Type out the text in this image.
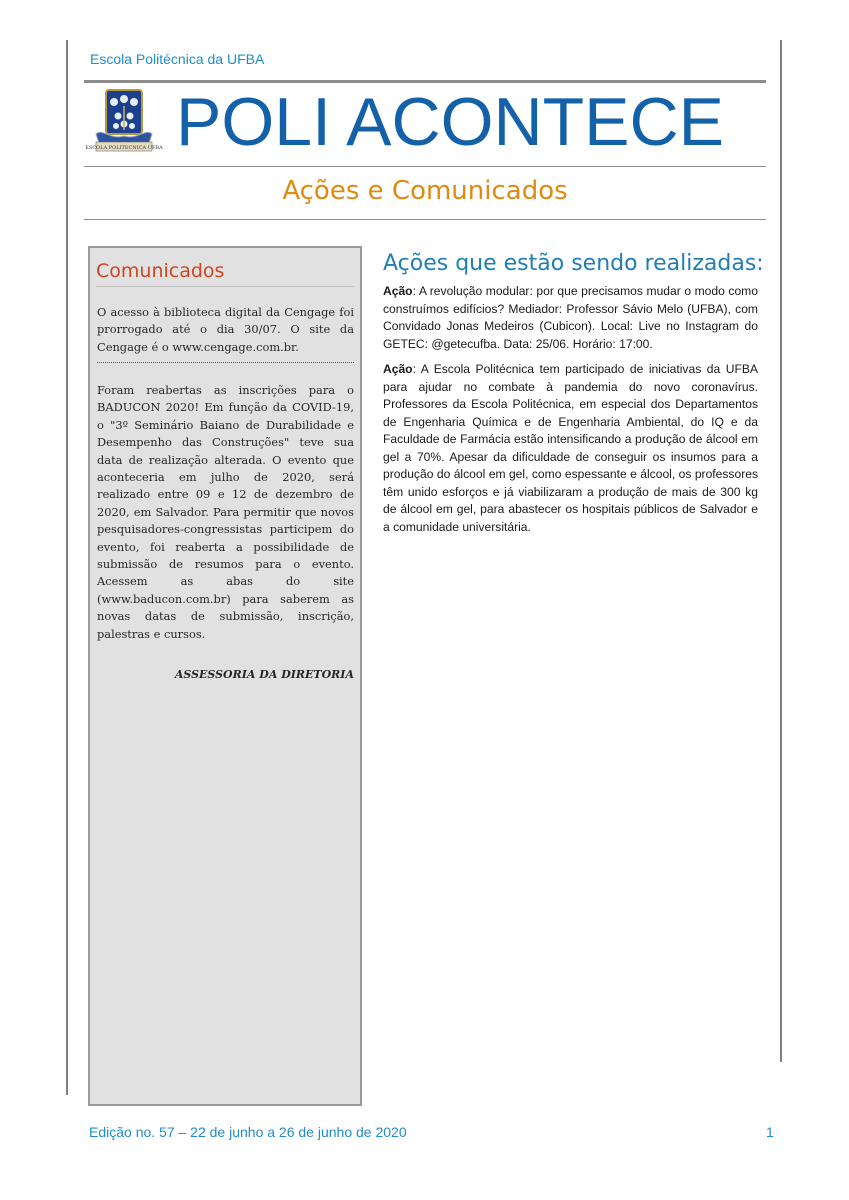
Escola Politécnica da UFBA
ESCOLA POLITECNICA UFBA POLI ACONTECE
Ações e Comunicados
Comunicados

O acesso à biblioteca digital da Cengage foi prorrogado até o dia 30/07. O site da Cengage é o www.cengage.com.br.

Foram reabertas as inscrições para o BADUCON 2020! Em função da COVID-19, o "3º Seminário Baiano de Durabilidade e Desempenho das Construções" teve sua data de realização alterada. O evento que aconteceria em julho de 2020, será realizado entre 09 e 12 de dezembro de 2020, em Salvador. Para permitir que novos pesquisadores-congressistas participem do evento, foi reaberta a possibilidade de submissão de resumos para o evento. Acessem as abas do site (www.baducon.com.br) para saberem as novas datas de submissão, inscrição, palestras e cursos.

ASSESSORIA DA DIRETORIA
Ações que estão sendo realizadas:

Ação: A revolução modular: por que precisamos mudar o modo como construímos edifícios? Mediador: Professor Sávio Melo (UFBA), com Convidado Jonas Medeiros (Cubicon). Local: Live no Instagram do GETEC: @getecufba. Data: 25/06. Horário: 17:00.

Ação: A Escola Politécnica tem participado de iniciativas da UFBA para ajudar no combate à pandemia do novo coronavírus. Professores da Escola Politécnica, em especial dos Departamentos de Engenharia Química e de Engenharia Ambiental, do IQ e da Faculdade de Farmácia estão intensificando a produção de álcool em gel a 70%. Apesar da dificuldade de conseguir os insumos para a produção do álcool em gel, como espessante e álcool, os professores têm unido esforços e já viabilizaram a produção de mais de 300 kg de álcool em gel, para abastecer os hospitais públicos de Salvador e a comunidade universitária.

Edição no. 57 – 22 de junho a 26 de junho de 2020	1
